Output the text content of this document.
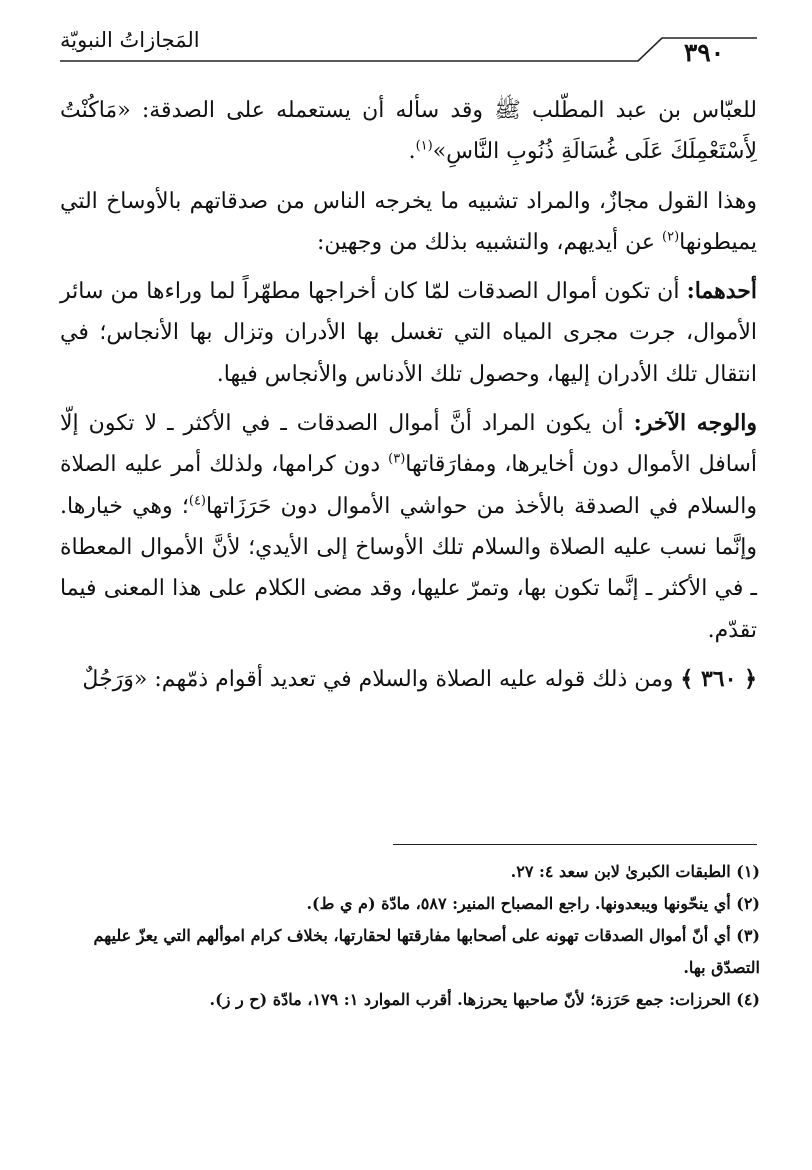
المَجازاتُ النبويّة	٣٩٠

للعبّاس بن عبد المطّلب ﷺ وقد سأله أن يستعمله على الصدقة: «مَاكُنْتُ لِأَسْتَعْمِلَكَ عَلَى غُسَالَةِ ذُنُوبِ النَّاسِ»$^{(١)}$.

وهذا القول مجازٌ، والمراد تشبيه ما يخرجه الناس من صدقاتهم بالأوساخ التي يميطونها$^{(٢)}$ عن أيديهم، والتشبيه بذلك من وجهين:

أحدهما: أن تكون أموال الصدقات لمّا كان أخراجها مطهّراً لما وراءها من سائر الأموال، جرت مجرى المياه التي تغسل بها الأدران وتزال بها الأنجاس؛ في انتقال تلك الأدران إليها، وحصول تلك الأدناس والأنجاس فيها.

والوجه الآخر: أن يكون المراد أنَّ أموال الصدقات ـ في الأكثر ـ لا تكون إلّا أسافل الأموال دون أخايرها، ومفارَقاتها$^{(٣)}$ دون كرامها، ولذلك أمر عليه الصلاة والسلام في الصدقة بالأخذ من حواشي الأموال دون حَرَزَاتها$^{(٤)}$؛ وهي خيارها. وإنَّما نسب عليه الصلاة والسلام تلك الأوساخ إلى الأيدي؛ لأنَّ الأموال المعطاة ـ في الأكثر ـ إنَّما تكون بها، وتمرّ عليها، وقد مضى الكلام على هذا المعنى فيما تقدّم.

﴿ ٣٦٠ ﴾ ومن ذلك قوله عليه الصلاة والسلام في تعديد أقوام ذمّهم: «وَرَجُلٌ

(١) الطبقات الكبرىٰ لابن سعد ٤: ٢٧.

(٢) أي ينحّونها ويبعدونها. راجع المصباح المنير: ٥٨٧، مادّة (م ي ط).

(٣) أي أنّ أموال الصدقات تهونه على أصحابها مفارقتها لحقارتها، بخلاف كرام اموألهم التي يعزّ عليهم التصدّق بها.

(٤) الحرزات: جمع حَرَزة؛ لأنّ صاحبها يحرزها. أقرب الموارد ١: ١٧٩، مادّة (ح ر ز).
